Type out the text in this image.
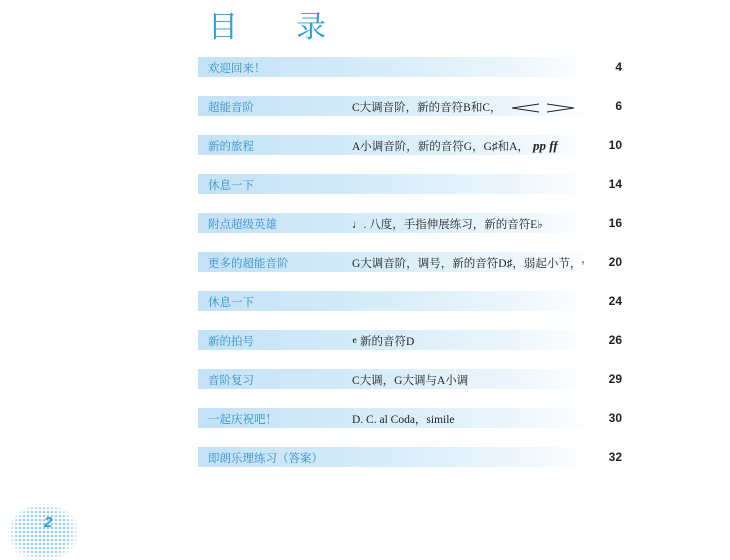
目　录
欢迎回来！	4
超能音阶	C大调音阶，新的音符B和C，	6
新的旅程	A小调音阶，新的音符G，G♯和A， pp ff	10
休息一下	14
附点超级英雄	♩. 八度，手指伸展练习，新的音符E♭	16
更多的超能音阶	G大调音阶，调号，新的音符D♯，弱起小节，𝄾 20
休息一下	24
新的拍号	𝄴 新的音符D	26
音阶复习	C大调，G大调与A小调	29
一起庆祝吧！	D. C. al Coda，simile	30
即朗乐理练习（答案）	32
2
